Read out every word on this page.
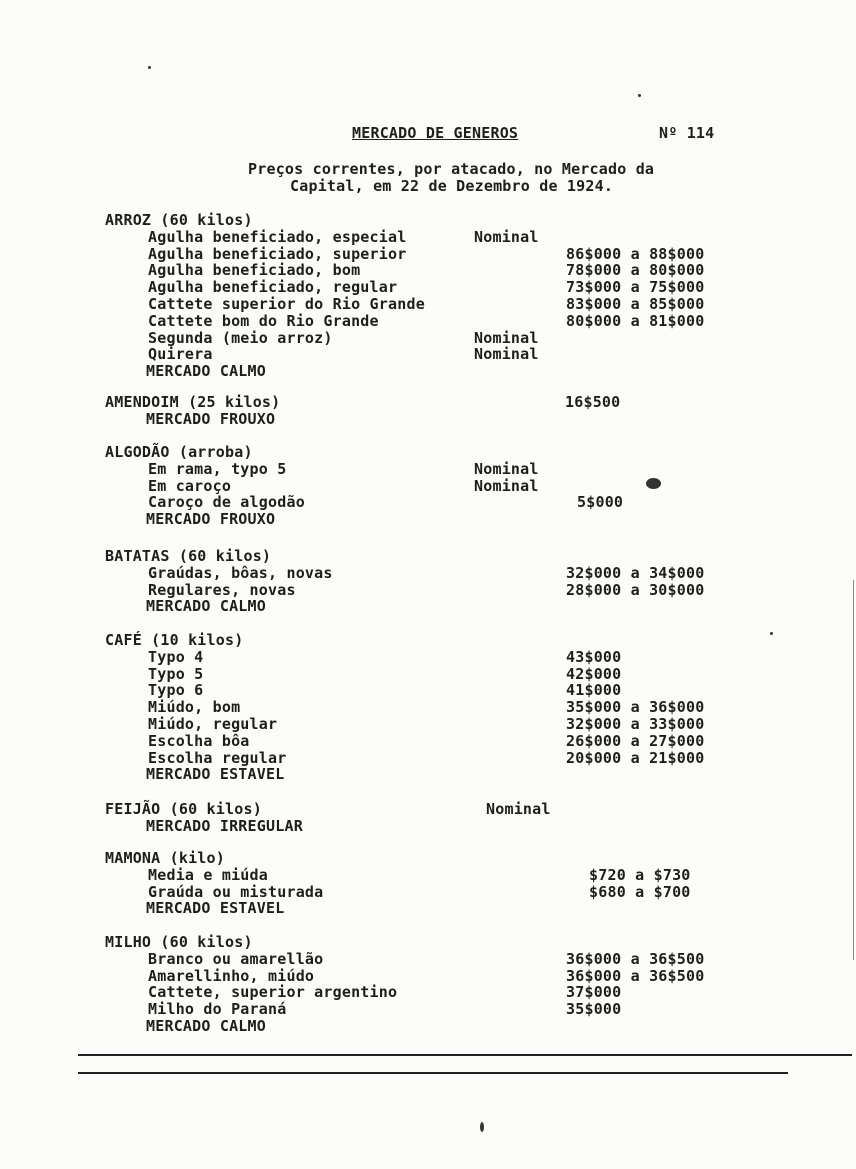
MERCADO DE GENEROS	Nº 114
Preços correntes, por atacado, no Mercado da
Capital, em 22 de Dezembro de 1924.
ARROZ (60 kilos)
Agulha beneficiado, especial	Nominal
Agulha beneficiado, superior	86$000 a 88$000
Agulha beneficiado, bom	78$000 a 80$000
Agulha beneficiado, regular	73$000 a 75$000
Cattete superior do Rio Grande	83$000 a 85$000
Cattete bom do Rio Grande	80$000 a 81$000
Segunda (meio arroz)	Nominal
Quirera	Nominal
MERCADO CALMO
AMENDOIM (25 kilos)	16$500
MERCADO FROUXO
ALGODÃO (arroba)
Em rama, typo 5	Nominal
Em caroço	Nominal
Caroço de algodão	5$000
MERCADO FROUXO
BATATAS (60 kilos)
Graúdas, bôas, novas	32$000 a 34$000
Regulares, novas	28$000 a 30$000
MERCADO CALMO
CAFÉ (10 kilos)
Typo 4	43$000
Typo 5	42$000
Typo 6	41$000
Miúdo, bom	35$000 a 36$000
Miúdo, regular	32$000 a 33$000
Escolha bôa	26$000 a 27$000
Escolha regular	20$000 a 21$000
MERCADO ESTAVEL
FEIJÃO (60 kilos)	Nominal
MERCADO IRREGULAR
MAMONA (kilo)
Media e miúda	$720 a $730
Graúda ou misturada	$680 a $700
MERCADO ESTAVEL
MILHO (60 kilos)
Branco ou amarellão	36$000 a 36$500
Amarellinho, miúdo	36$000 a 36$500
Cattete, superior argentino	37$000
Milho do Paraná	35$000
MERCADO CALMO
